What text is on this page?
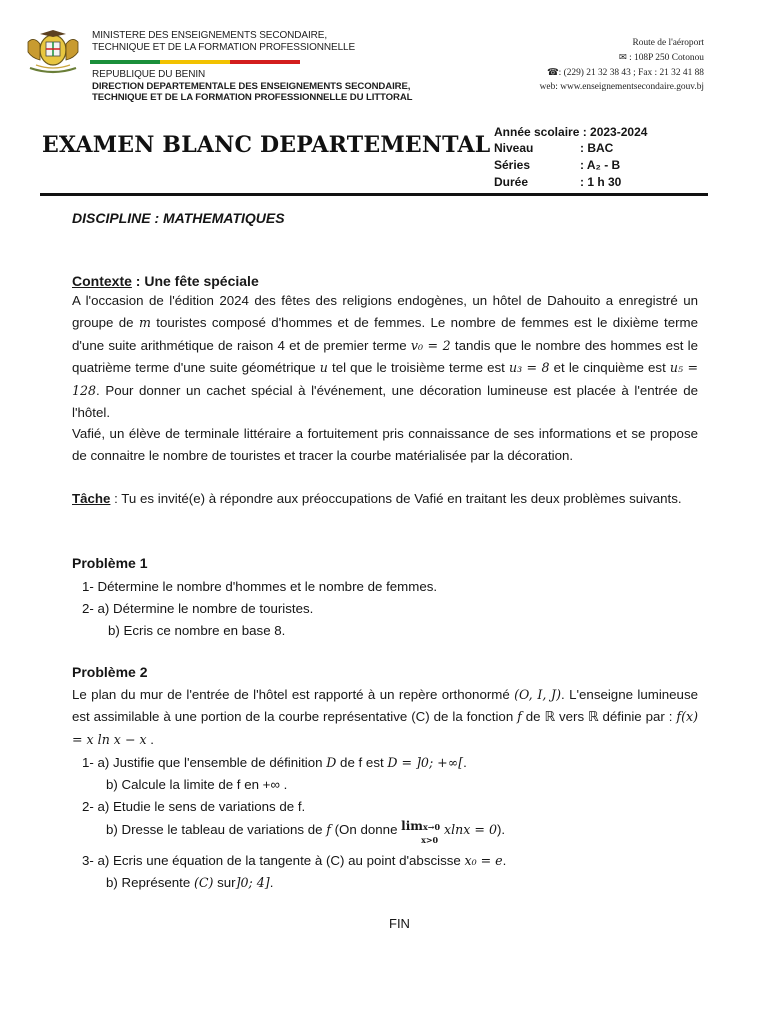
MINISTERE DES ENSEIGNEMENTS SECONDAIRE,
TECHNIQUE ET DE LA FORMATION PROFESSIONNELLE
REPUBLIQUE DU BENIN
DIRECTION DEPARTEMENTALE DES ENSEIGNEMENTS SECONDAIRE,
TECHNIQUE ET DE LA FORMATION PROFESSIONNELLE DU LITTORAL
Route de l'aéroport
✉ : 108P 250 Cotonou
☎: (229) 21 32 38 43 ; Fax : 21 32 41 88
web: www.enseignementsecondaire.gouv.bj
EXAMEN BLANC DEPARTEMENTAL Année scolaire : 2023-2024
Niveau	: BAC
Séries	: A₂ - B
Durée	: 1 h 30
DISCIPLINE : MATHEMATIQUES
Contexte : Une fête spéciale
A l'occasion de l'édition 2024 des fêtes des religions endogènes, un hôtel de Dahouito a enregistré un groupe de m touristes composé d'hommes et de femmes. Le nombre de femmes est le dixième terme d'une suite arithmétique de raison 4 et de premier terme v₀ = 2 tandis que le nombre des hommes est le quatrième terme d'une suite géométrique u tel que le troisième terme est u₃ = 8 et le cinquième est u₅ = 128. Pour donner un cachet spécial à l'événement, une décoration lumineuse est placée à l'entrée de l'hôtel.
Vafié, un élève de terminale littéraire a fortuitement pris connaissance de ses informations et se propose de connaitre le nombre de touristes et tracer la courbe matérialisée par la décoration.
Tâche : Tu es invité(e) à répondre aux préoccupations de Vafié en traitant les deux problèmes suivants.
Problème 1
1- Détermine le nombre d'hommes et le nombre de femmes.
2- a) Détermine le nombre de touristes.
b) Ecris ce nombre en base 8.
Problème 2
Le plan du mur de l'entrée de l'hôtel est rapporté à un repère orthonormé (O, I, J). L'enseigne lumineuse est assimilable à une portion de la courbe représentative (C) de la fonction f de ℝ vers ℝ définie par : f(x) = x ln x − x .
1- a) Justifie que l'ensemble de définition D de f est D = ]0; +∞[.
b) Calcule la limite de f en +∞ .
2- a) Etudie le sens de variations de f.
b) Dresse le tableau de variations de f (On donne limx→0
x>0 xlnx = 0).
3- a) Ecris une équation de la tangente à (C) au point d'abscisse x₀ = e.
b) Représente (C) sur]0; 4].
FIN
